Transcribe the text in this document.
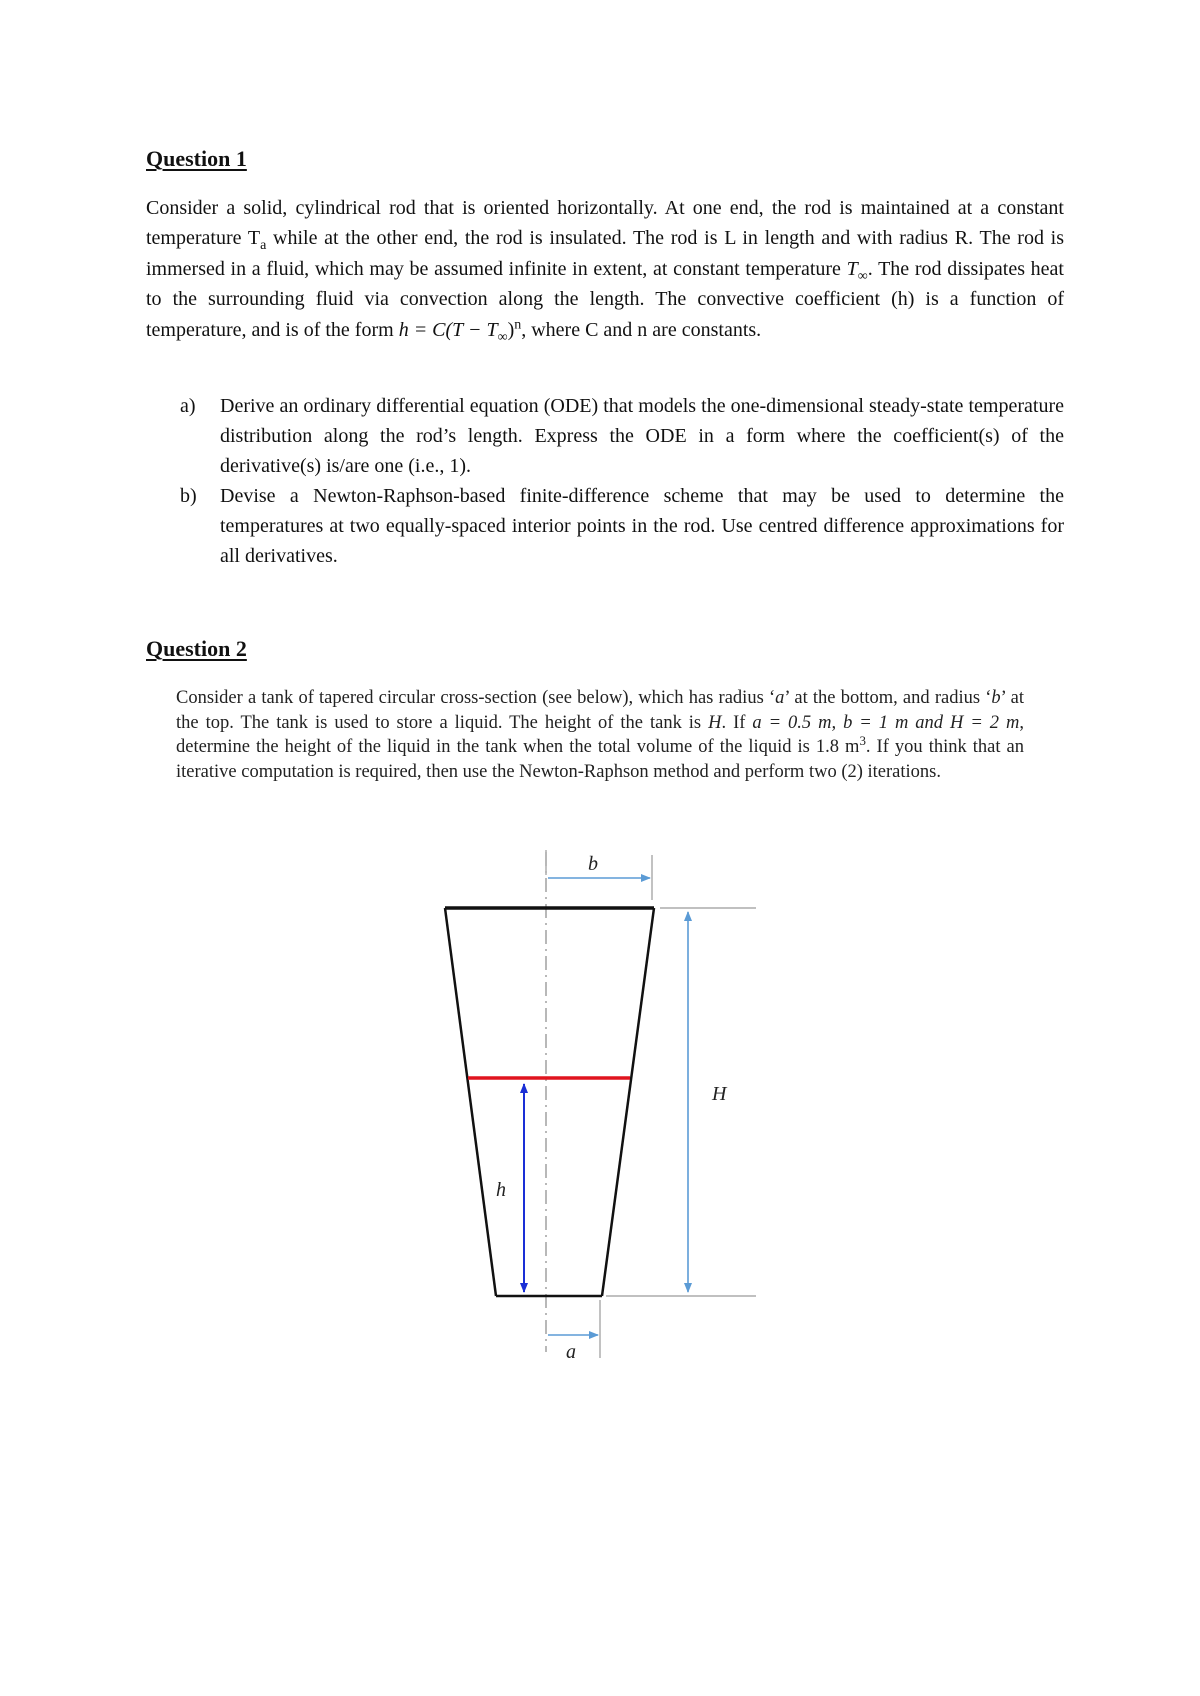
Question 1
Consider a solid, cylindrical rod that is oriented horizontally. At one end, the rod is maintained at a constant temperature $T_a$ while at the other end, the rod is insulated. The rod is L in length and with radius R. The rod is immersed in a fluid, which may be assumed infinite in extent, at constant temperature $T_\infty$. The rod dissipates heat to the surrounding fluid via convection along the length. The convective coefficient (h) is a function of temperature, and is of the form $h = C(T - T_\infty)^n$, where C and n are constants.
a)	Derive an ordinary differential equation (ODE) that models the one-dimensional steady-state temperature distribution along the rod’s length. Express the ODE in a form where the coefficient(s) of the derivative(s) is/are one (i.e., 1).
b)	Devise a Newton-Raphson-based finite-difference scheme that may be used to determine the temperatures at two equally-spaced interior points in the rod. Use centred difference approximations for all derivatives.
Question 2
Consider a tank of tapered circular cross-section (see below), which has radius ‘a’ at the bottom, and radius ‘b’ at the top. The tank is used to store a liquid. The height of the tank is H. If a = 0.5 m, b = 1 m and H = 2 m, determine the height of the liquid in the tank when the total volume of the liquid is 1.8 $m^3$. If you think that an iterative computation is required, then use the Newton-Raphson method and perform two (2) iterations.
b
h
H
a
